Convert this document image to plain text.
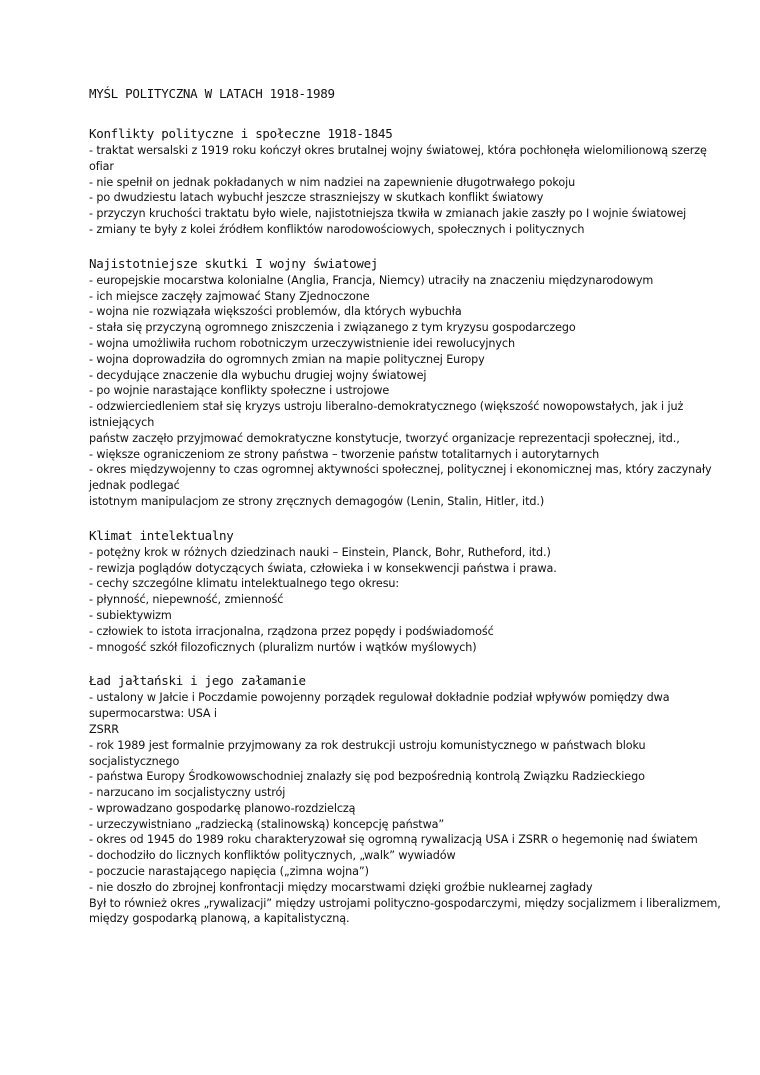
MYŚL POLITYCZNA W LATACH 1918-1989
Konflikty polityczne i społeczne 1918-1845

- traktat wersalski z 1919 roku kończył okres brutalnej wojny światowej, która pochłonęła wielomilionową szerzę ofiar

- nie spełnił on jednak pokładanych w nim nadziei na zapewnienie długotrwałego pokoju

- po dwudziestu latach wybuchł jeszcze straszniejszy w skutkach konflikt światowy

- przyczyn kruchości traktatu było wiele, najistotniejsza tkwiła w zmianach jakie zaszły po I wojnie światowej

- zmiany te były z kolei źródłem konfliktów narodowościowych, społecznych i politycznych

Najistotniejsze skutki I wojny światowej

- europejskie mocarstwa kolonialne (Anglia, Francja, Niemcy) utraciły na znaczeniu międzynarodowym

- ich miejsce zaczęły zajmować Stany Zjednoczone

- wojna nie rozwiązała większości problemów, dla których wybuchła

- stała się przyczyną ogromnego zniszczenia i związanego z tym kryzysu gospodarczego

- wojna umożliwiła ruchom robotniczym urzeczywistnienie idei rewolucyjnych

- wojna doprowadziła do ogromnych zmian na mapie politycznej Europy

- decydujące znaczenie dla wybuchu drugiej wojny światowej

- po wojnie narastające konflikty społeczne i ustrojowe

- odzwierciedleniem stał się kryzys ustroju liberalno-demokratycznego (większość nowopowstałych, jak i już istniejących

państw zaczęło przyjmować demokratyczne konstytucje, tworzyć organizacje reprezentacji społecznej, itd.,

- większe ograniczeniom ze strony państwa – tworzenie państw totalitarnych i autorytarnych

- okres międzywojenny to czas ogromnej aktywności społecznej, politycznej i ekonomicznej mas, który zaczynały jednak podlegać

istotnym manipulacjom ze strony zręcznych demagogów (Lenin, Stalin, Hitler, itd.)

Klimat intelektualny

- potężny krok w różnych dziedzinach nauki – Einstein, Planck, Bohr, Rutheford, itd.)

- rewizja poglądów dotyczących świata, człowieka i w konsekwencji państwa i prawa.

- cechy szczególne klimatu intelektualnego tego okresu:

- płynność, niepewność, zmienność

- subiektywizm

- człowiek to istota irracjonalna, rządzona przez popędy i podświadomość

- mnogość szkół filozoficznych (pluralizm nurtów i wątków myślowych)

Ład jałtański i jego załamanie

- ustalony w Jałcie i Poczdamie powojenny porządek regulował dokładnie podział wpływów pomiędzy dwa supermocarstwa: USA i

ZSRR

- rok 1989 jest formalnie przyjmowany za rok destrukcji ustroju komunistycznego w państwach bloku socjalistycznego

- państwa Europy Środkowowschodniej znalazły się pod bezpośrednią kontrolą Związku Radzieckiego

- narzucano im socjalistyczny ustrój

- wprowadzano gospodarkę planowo-rozdzielczą

- urzeczywistniano „radziecką (stalinowską) koncepcję państwa”

- okres od 1945 do 1989 roku charakteryzował się ogromną rywalizacją USA i ZSRR o hegemonię nad światem

- dochodziło do licznych konfliktów politycznych, „walk” wywiadów

- poczucie narastającego napięcia („zimna wojna”)

- nie doszło do zbrojnej konfrontacji między mocarstwami dzięki groźbie nuklearnej zagłady

Był to również okres „rywalizacji” między ustrojami polityczno-gospodarczymi, między socjalizmem i liberalizmem, między gospodarką planową, a kapitalistyczną.
